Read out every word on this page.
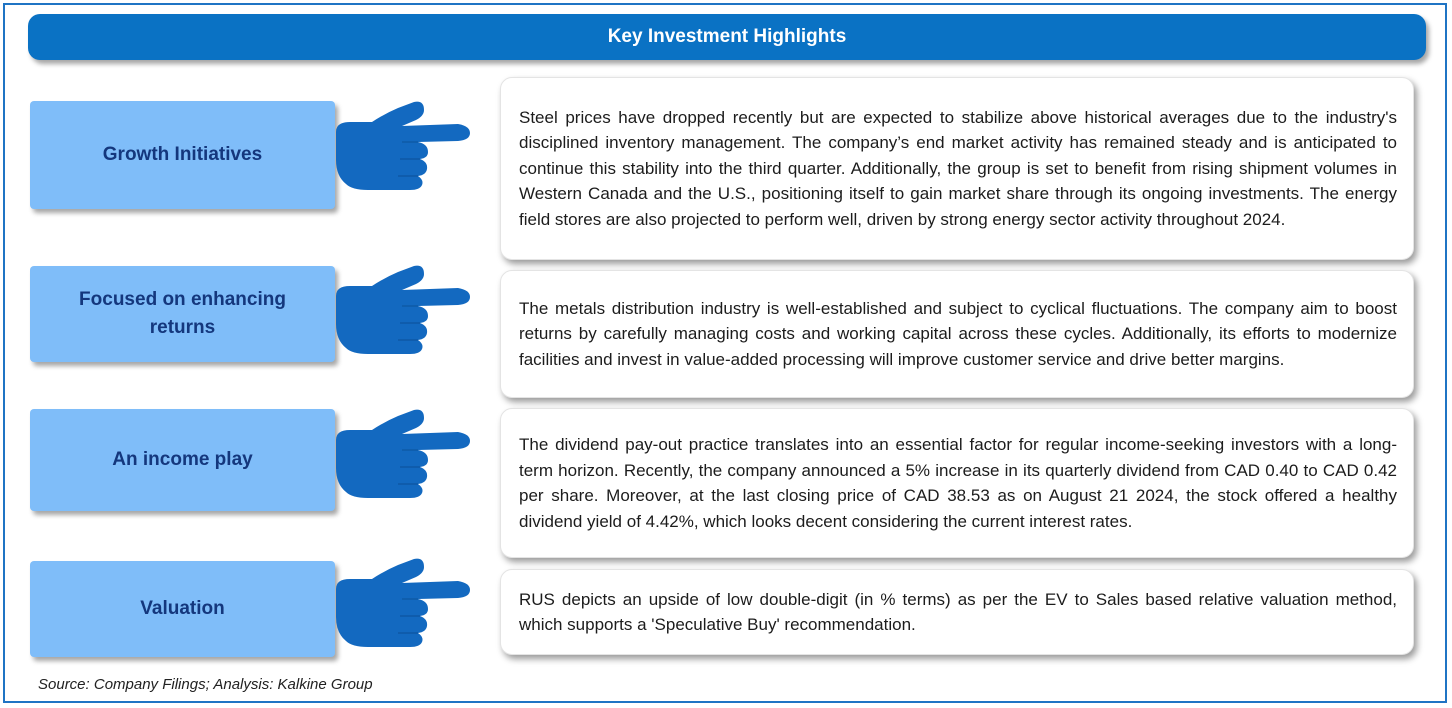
Key Investment Highlights
Growth Initiatives

Steel prices have dropped recently but are expected to stabilize above historical averages due to the industry's disciplined inventory management. The company’s end market activity has remained steady and is anticipated to continue this stability into the third quarter. Additionally, the group is set to benefit from rising shipment volumes in Western Canada and the U.S., positioning itself to gain market share through its ongoing investments. The energy field stores are also projected to perform well, driven by strong energy sector activity throughout 2024.

Focused on enhancing returns

The metals distribution industry is well-established and subject to cyclical fluctuations. The company aim to boost returns by carefully managing costs and working capital across these cycles. Additionally, its efforts to modernize facilities and invest in value-added processing will improve customer service and drive better margins.

An income play

The dividend pay-out practice translates into an essential factor for regular income-seeking investors with a long-term horizon. Recently, the company announced a 5% increase in its quarterly dividend from CAD 0.40 to CAD 0.42 per share. Moreover, at the last closing price of CAD 38.53 as on August 21 2024, the stock offered a healthy dividend yield of 4.42%, which looks decent considering the current interest rates.

Valuation	RUS depicts an upside of low double-digit (in % terms) as per the EV to Sales based relative valuation method, which supports a 'Speculative Buy' recommendation.

Source: Company Filings; Analysis: Kalkine Group
